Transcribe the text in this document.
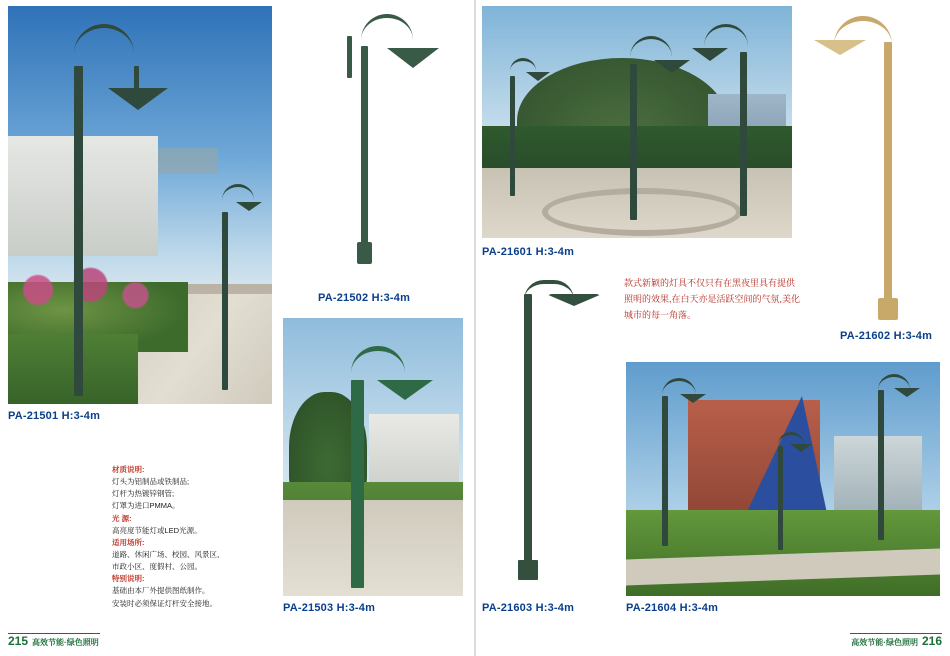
PA-21501 H:3-4m
PA-21502 H:3-4m
PA-21601 H:3-4m
PA-21602 H:3-4m
PA-21503 H:3-4m	PA-21603 H:3-4m	PA-21604 H:3-4m
材质说明:
灯头为铝制品或铁制品;
灯杆为热镀锌钢管;
灯罩为进口PMMA。
光 源:
高亮度节能灯或LED光源。
适用场所:
道路、休闲广场、校园、风景区、
市政小区、度假村、公园。
特别说明:
基础由本厂外提供图纸制作。
安装时必须保证灯杆安全接地。
款式新颖的灯具不仅只有在黑夜里具有提供照明的效果,在白天亦是活跃空间的气氛,美化城市的每一角落。
215 高效节能·绿色照明	高效节能·绿色照明 216
